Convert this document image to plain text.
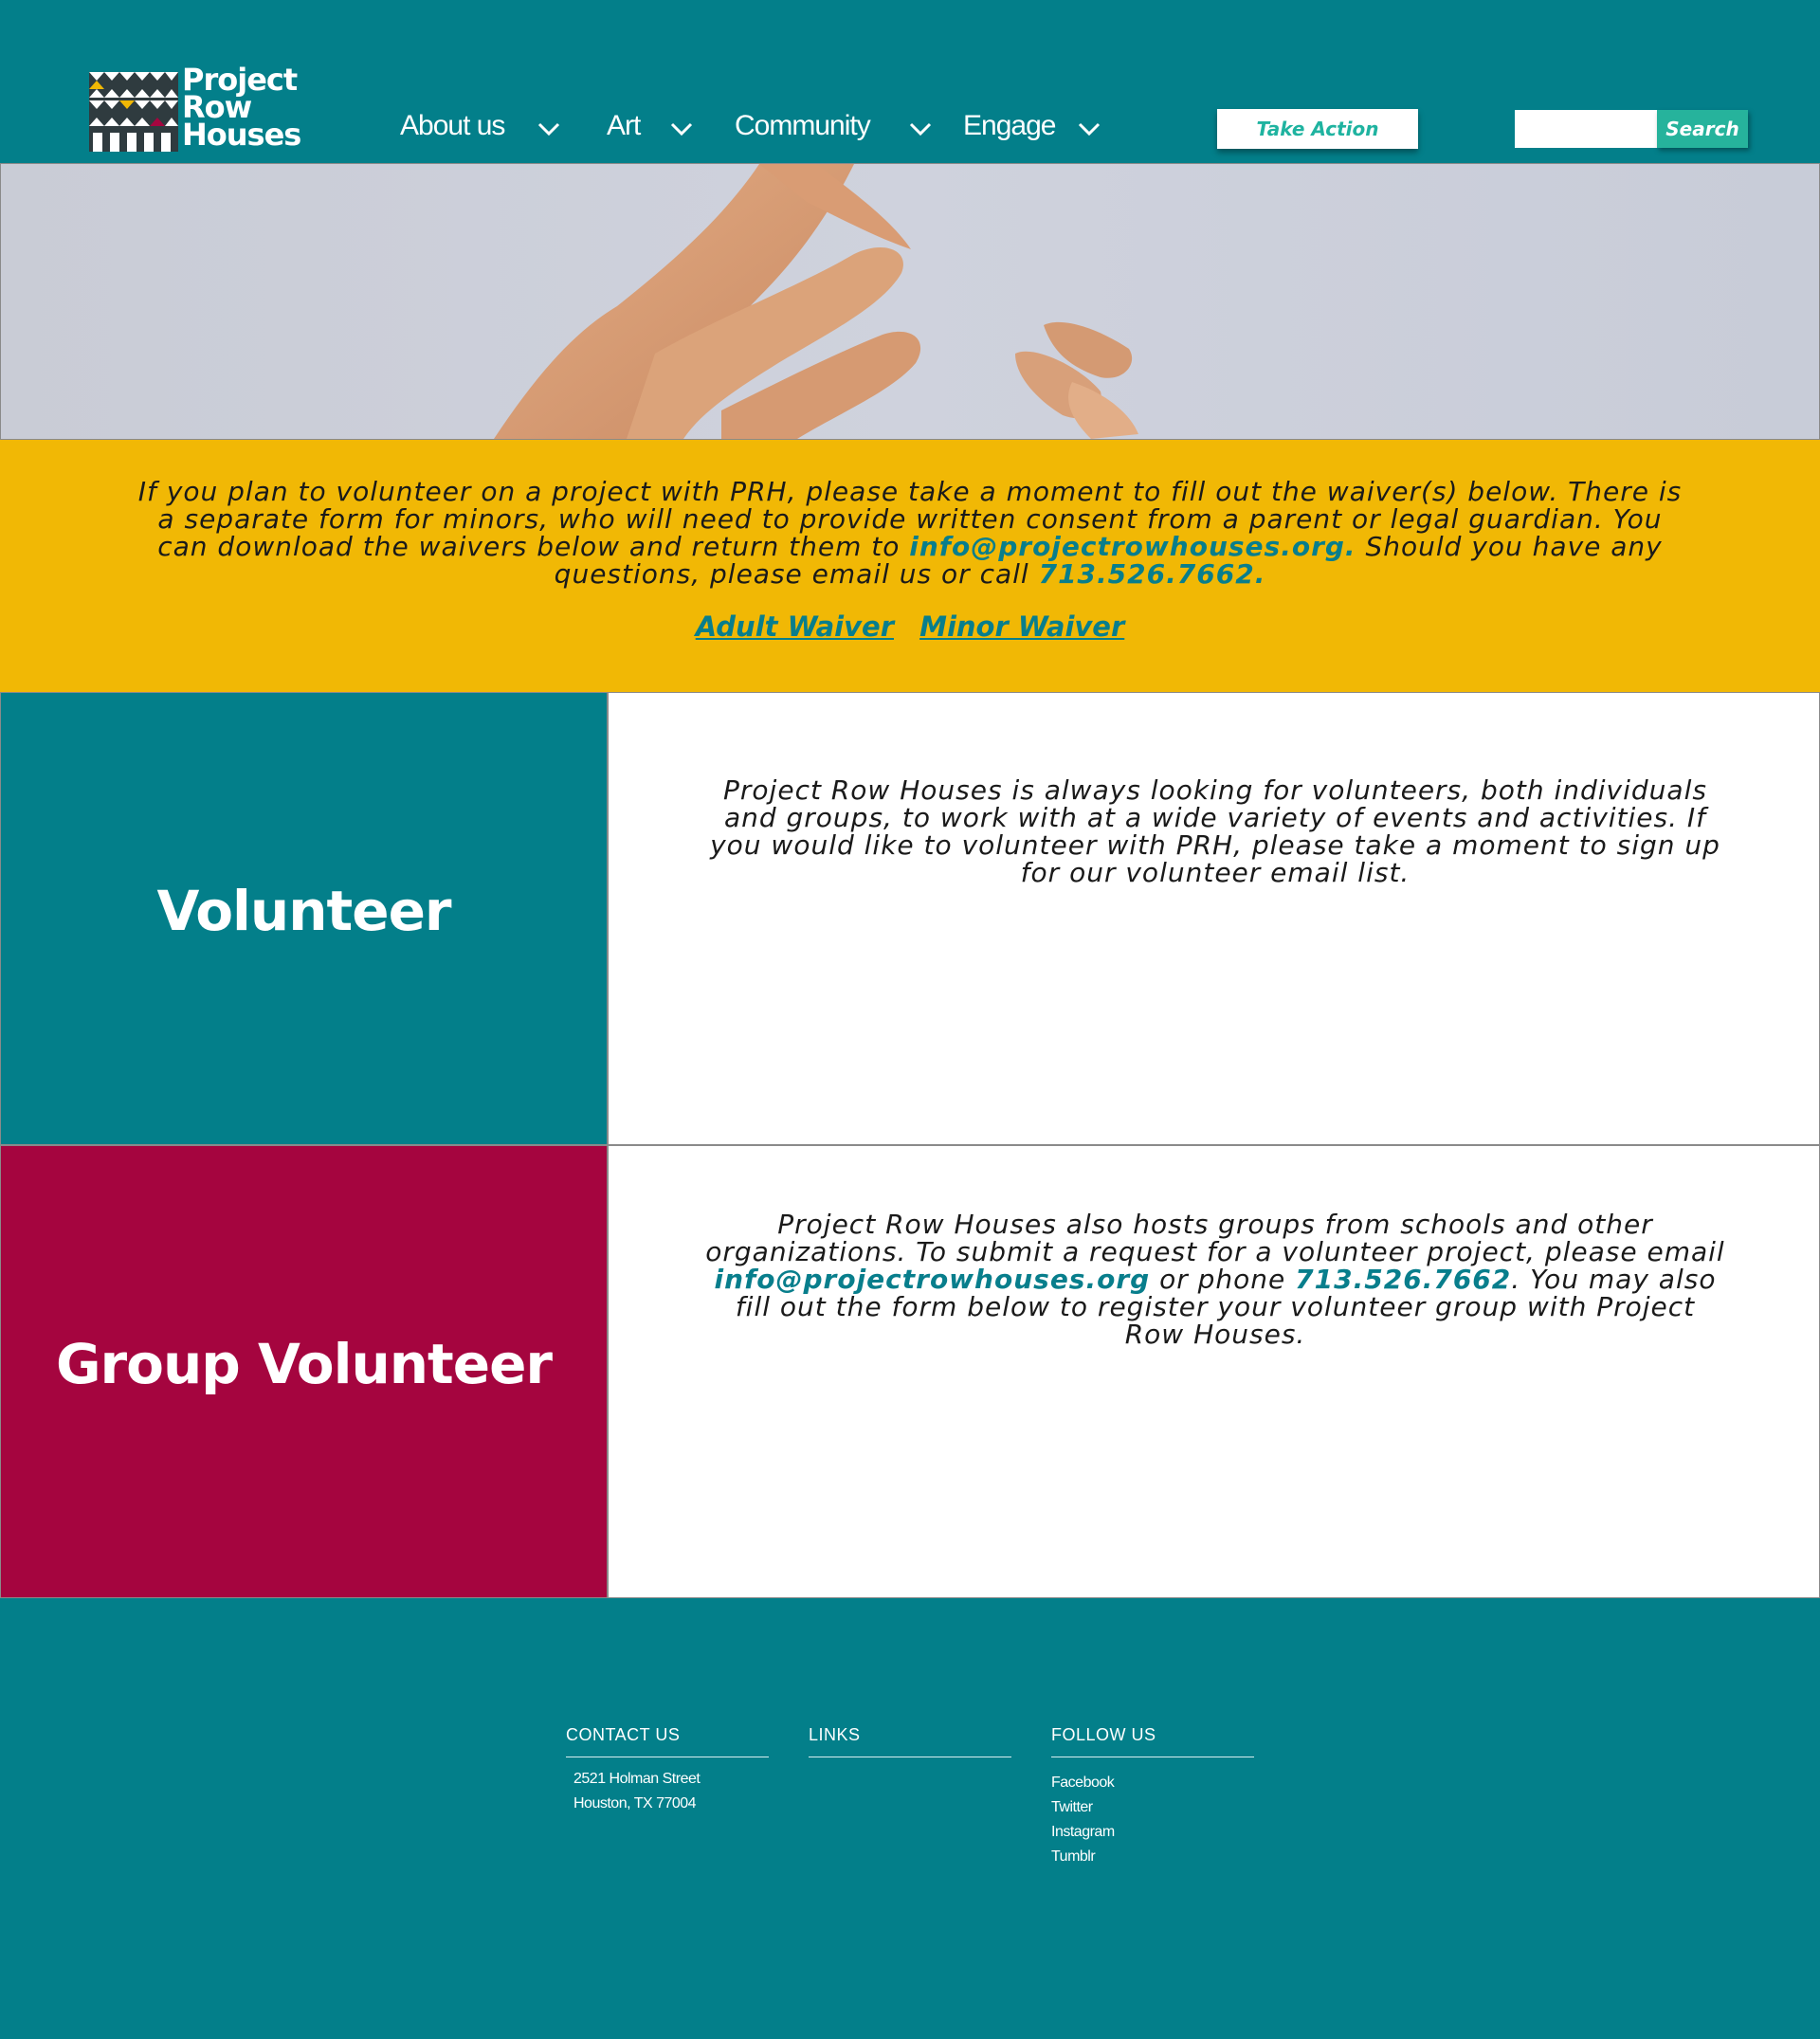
Project
Row
Houses	About us	Art	Community	Engage	Take Action	Search
If you plan to volunteer on a project with PRH, please take a moment to fill out the waiver(s) below. There is a separate form for minors, who will need to provide written consent from a parent or legal guardian. You can download the waivers below and return them to info@projectrowhouses.org. Should you have any questions, please email us or call 713.526.7662.
Adult Waiver Minor Waiver
Volunteer
Project Row Houses is always looking for volunteers, both individuals and groups, to work with at a wide variety of events and activities. If you would like to volunteer with PRH, please take a moment to sign up for our volunteer email list.
Group Volunteer
Project Row Houses also hosts groups from schools and other organizations. To submit a request for a volunteer project, please email info@projectrowhouses.org or phone 713.526.7662. You may also fill out the form below to register your volunteer group with Project Row Houses.
CONTACT US
2521 Holman Street
Houston, TX 77004
LINKS	FOLLOW US
Facebook
Twitter
Instagram
Tumblr
